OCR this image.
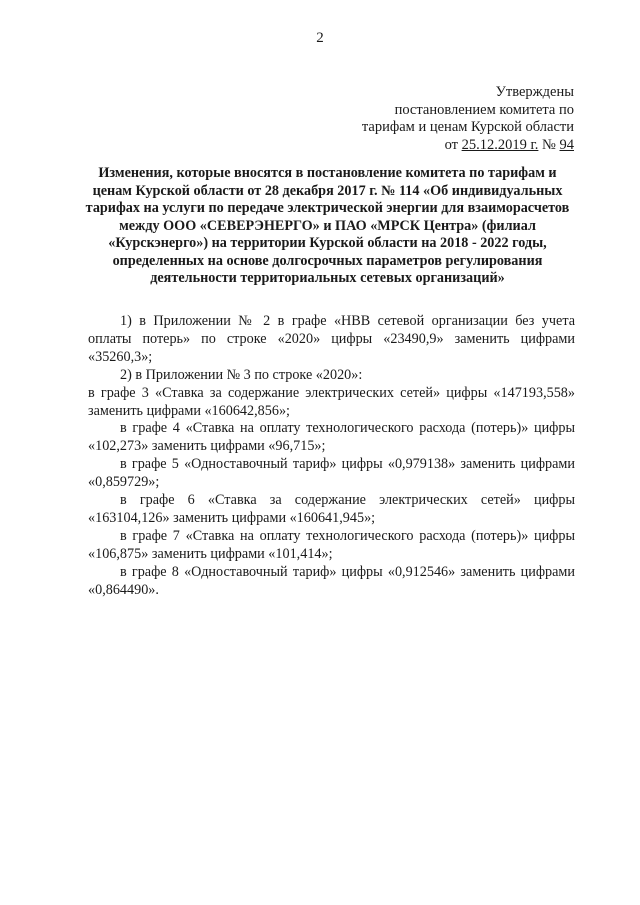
2
Утверждены
постановлением комитета по
тарифам и ценам Курской области
от 25.12.2019 г. № 94
Изменения, которые вносятся в постановление комитета по тарифам и
ценам Курской области от 28 декабря 2017 г. № 114 «Об индивидуальных
тарифах на услуги по передаче электрической энергии для взаиморасчетов
между ООО «СЕВЕРЭНЕРГО» и ПАО «МРСК Центра» (филиал
«Курскэнерго») на территории Курской области на 2018 - 2022 годы,
определенных на основе долгосрочных параметров регулирования
деятельности территориальных сетевых организаций»

1) в Приложении № 2 в графе «НВВ сетевой организации без учета оплаты потерь» по строке «2020» цифры «23490,9» заменить цифрами «35260,3»;

2) в Приложении № 3 по строке «2020»:

в графе 3 «Ставка за содержание электрических сетей» цифры «147193,558» заменить цифрами «160642,856»;

в графе 4 «Ставка на оплату технологического расхода (потерь)» цифры «102,273» заменить цифрами «96,715»;

в графе 5 «Одноставочный тариф» цифры «0,979138» заменить цифрами «0,859729»;

в графе 6 «Ставка за содержание электрических сетей» цифры «163104,126» заменить цифрами «160641,945»;

в графе 7 «Ставка на оплату технологического расхода (потерь)» цифры «106,875» заменить цифрами «101,414»;

в графе 8 «Одноставочный тариф» цифры «0,912546» заменить цифрами «0,864490».
